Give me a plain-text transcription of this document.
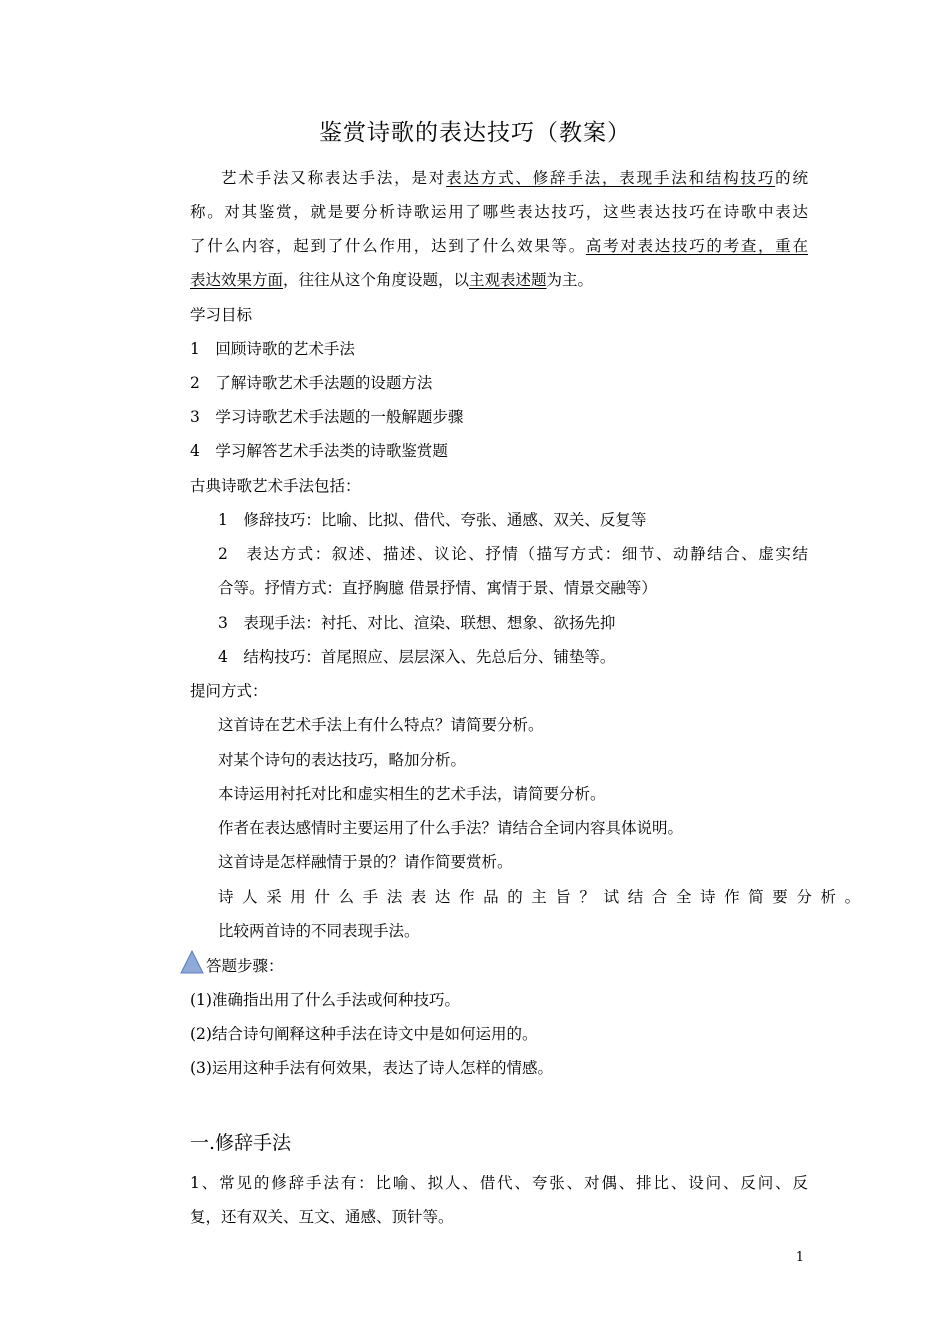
鉴赏诗歌的表达技巧（教案）
艺术手法又称表达手法，是对表达方式、修辞手法，表现手法和结构技巧的统
称。对其鉴赏，就是要分析诗歌运用了哪些表达技巧，这些表达技巧在诗歌中表达
了什么内容，起到了什么作用，达到了什么效果等。高考对表达技巧的考查，重在
表达效果方面，往往从这个角度设题，以主观表述题为主。
学习目标
1　回顾诗歌的艺术手法
2　了解诗歌艺术手法题的设题方法
3　学习诗歌艺术手法题的一般解题步骤
4　学习解答艺术手法类的诗歌鉴赏题
古典诗歌艺术手法包括：
1　修辞技巧：比喻、比拟、借代、夸张、通感、双关、反复等
2　表达方式：叙述、描述、议论、抒情（描写方式：细节、动静结合、虚实结
合等。抒情方式：直抒胸臆 借景抒情、寓情于景、情景交融等）
3　表现手法：衬托、对比、渲染、联想、想象、欲扬先抑
4　结构技巧：首尾照应、层层深入、先总后分、铺垫等。
提问方式：
这首诗在艺术手法上有什么特点？请简要分析。
对某个诗句的表达技巧，略加分析。
本诗运用衬托对比和虚实相生的艺术手法，请简要分析。
作者在表达感情时主要运用了什么手法？请结合全词内容具体说明。
这首诗是怎样融情于景的？请作简要赏析。
诗人采用什么手法表达作品的主旨？试结合全诗作简要分析。
比较两首诗的不同表现手法。
答题步骤：
(1)准确指出用了什么手法或何种技巧。
(2)结合诗句阐释这种手法在诗文中是如何运用的。
(3)运用这种手法有何效果，表达了诗人怎样的情感。
一.修辞手法
1、常见的修辞手法有：比喻、拟人、借代、夸张、对偶、排比、设问、反问、反
复，还有双关、互文、通感、顶针等。
1
